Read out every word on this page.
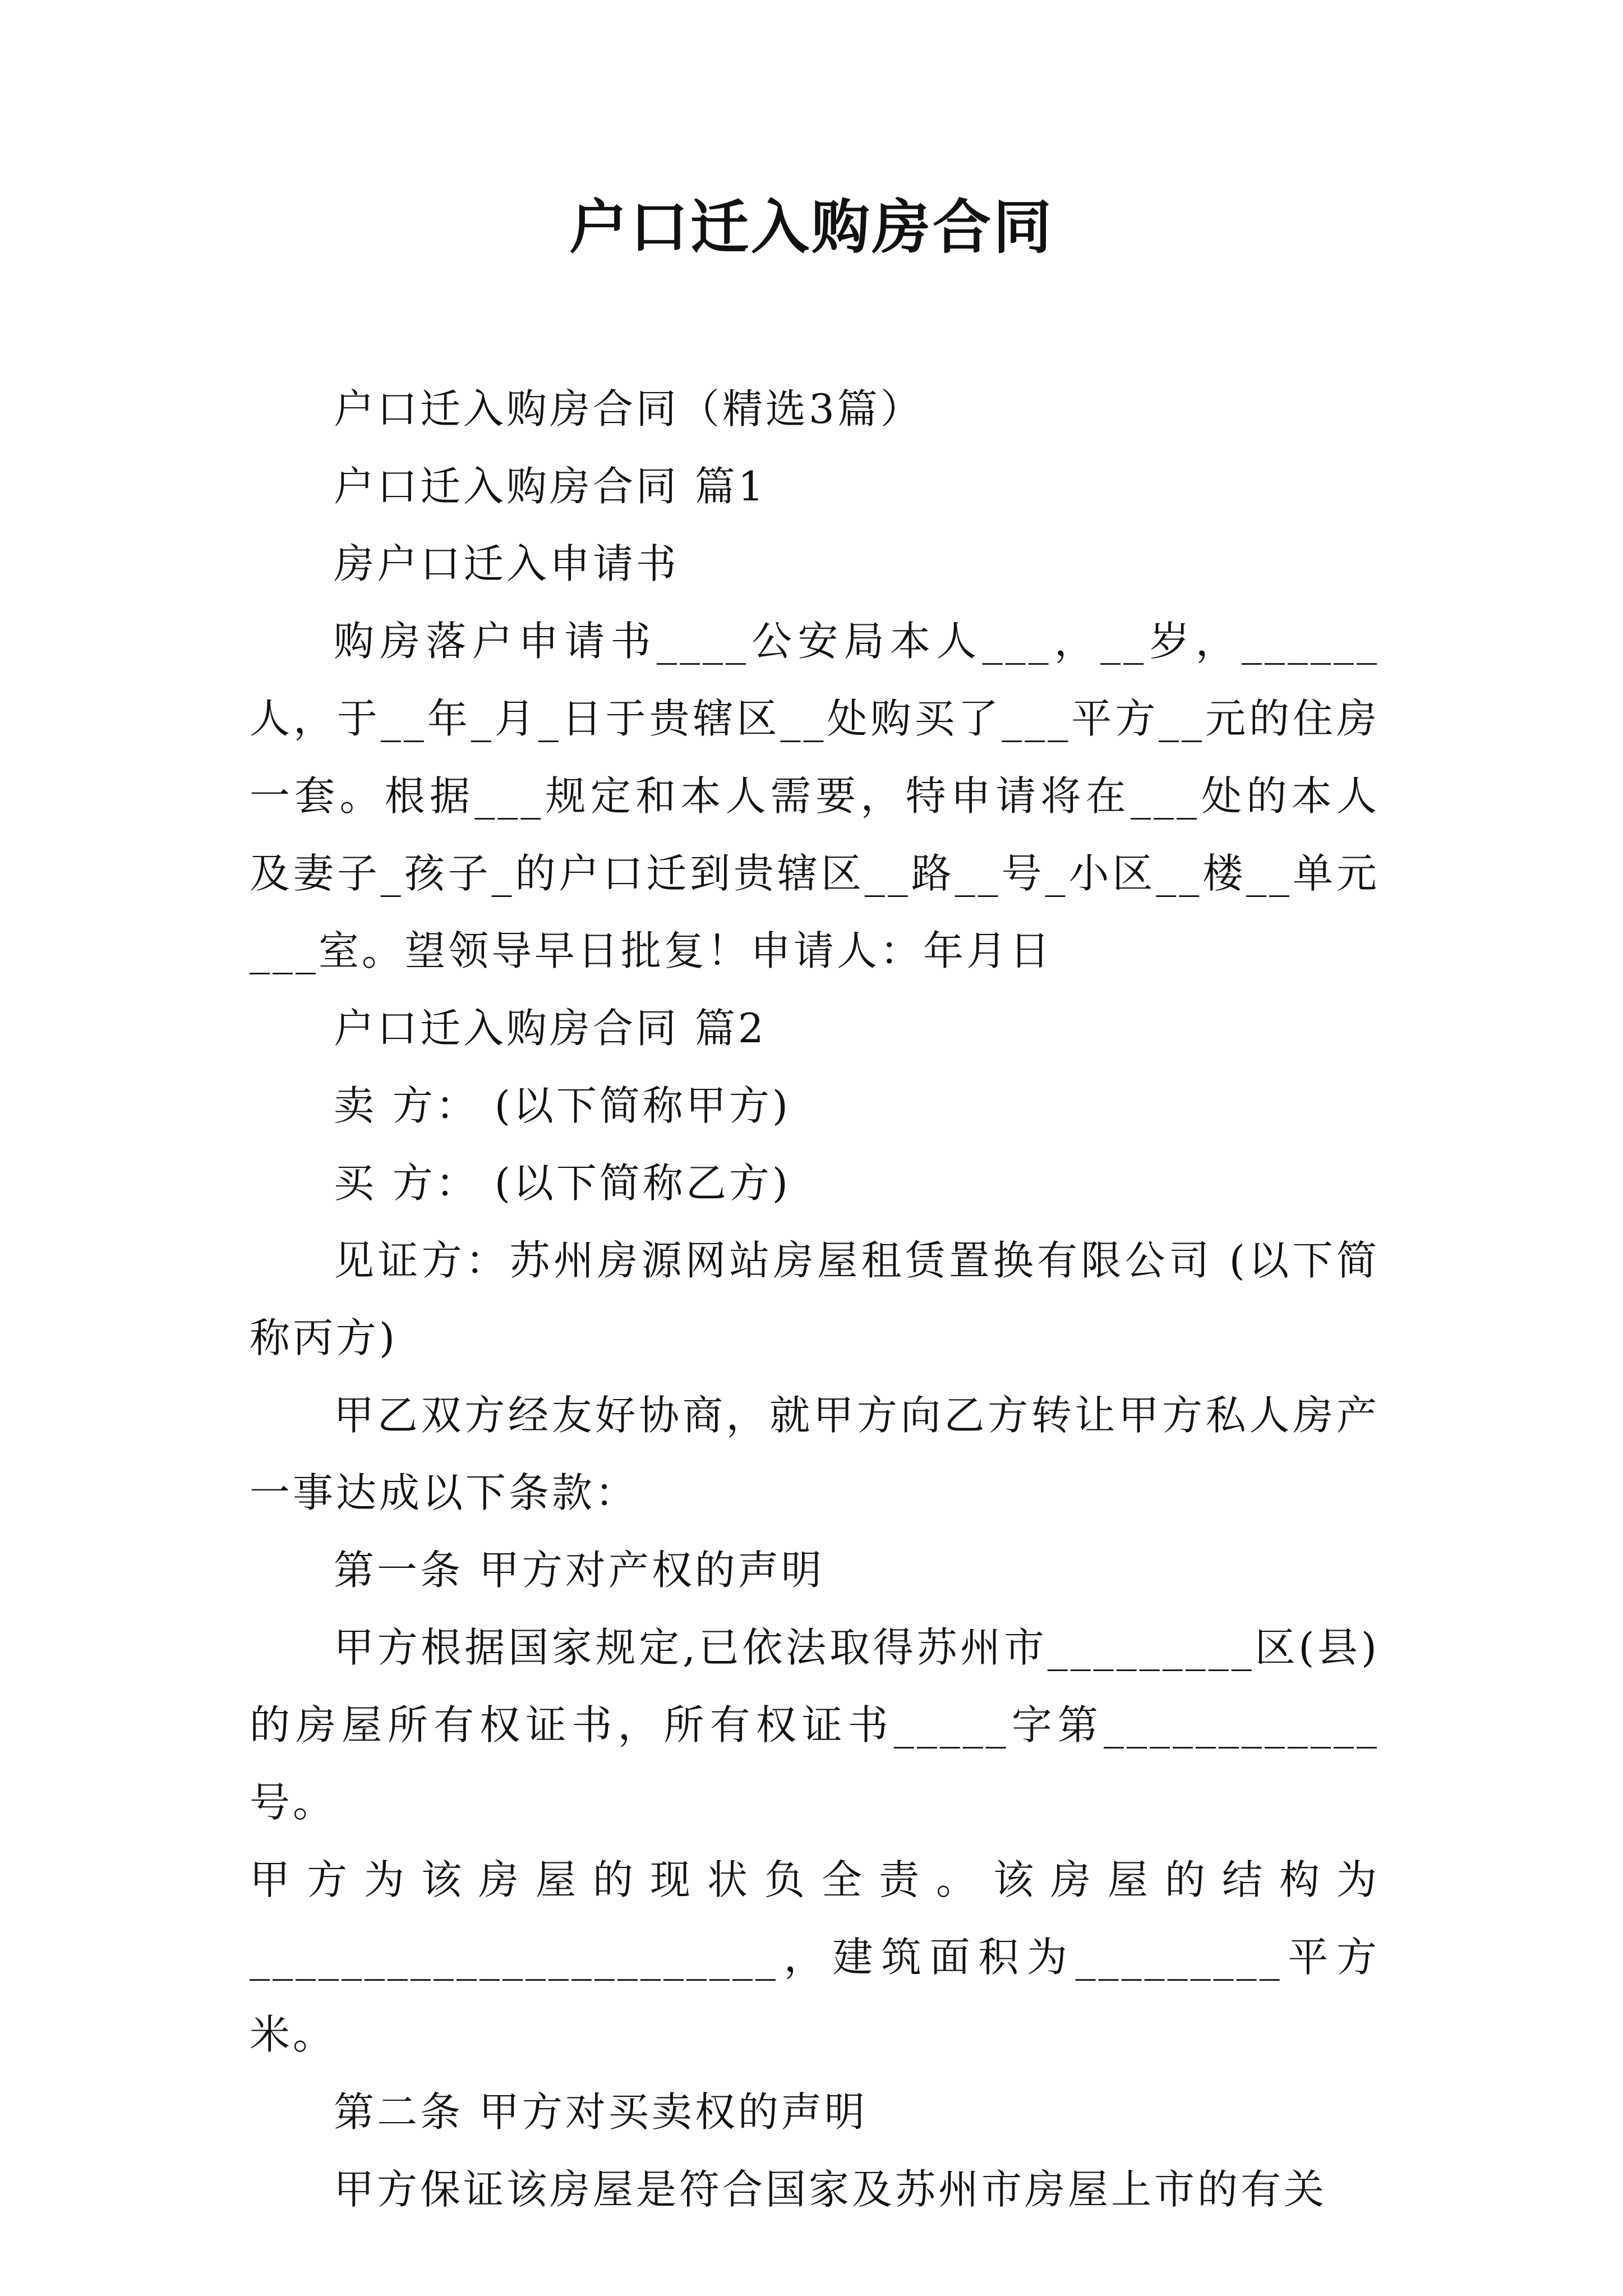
户口迁入购房合同

户口迁入购房合同（精选3篇）

户口迁入购房合同 篇1

房户口迁入申请书

购房落户申请书____公安局本人___，__岁，______人，于__年_月_日于贵辖区__处购买了___平方__元的住房一套。根据___规定和本人需要，特申请将在___处的本人及妻子_孩子_的户口迁到贵辖区__路__号_小区__楼__单元___室。望领导早日批复！申请人：年月日

户口迁入购房合同 篇2

卖 方： (以下简称甲方)

买 方： (以下简称乙方)

见证方：苏州房源网站房屋租赁置换有限公司 (以下简称丙方)

甲乙双方经友好协商，就甲方向乙方转让甲方私人房产一事达成以下条款：

第一条 甲方对产权的声明

甲方根据国家规定,已依法取得苏州市_________区(县)的房屋所有权证书，所有权证书_____字第____________号。

甲方为该房屋的现状负全责。该房屋的结构为

_______________________，建筑面积为_________平方米。

第二条 甲方对买卖权的声明

甲方保证该房屋是符合国家及苏州市房屋上市的有关
